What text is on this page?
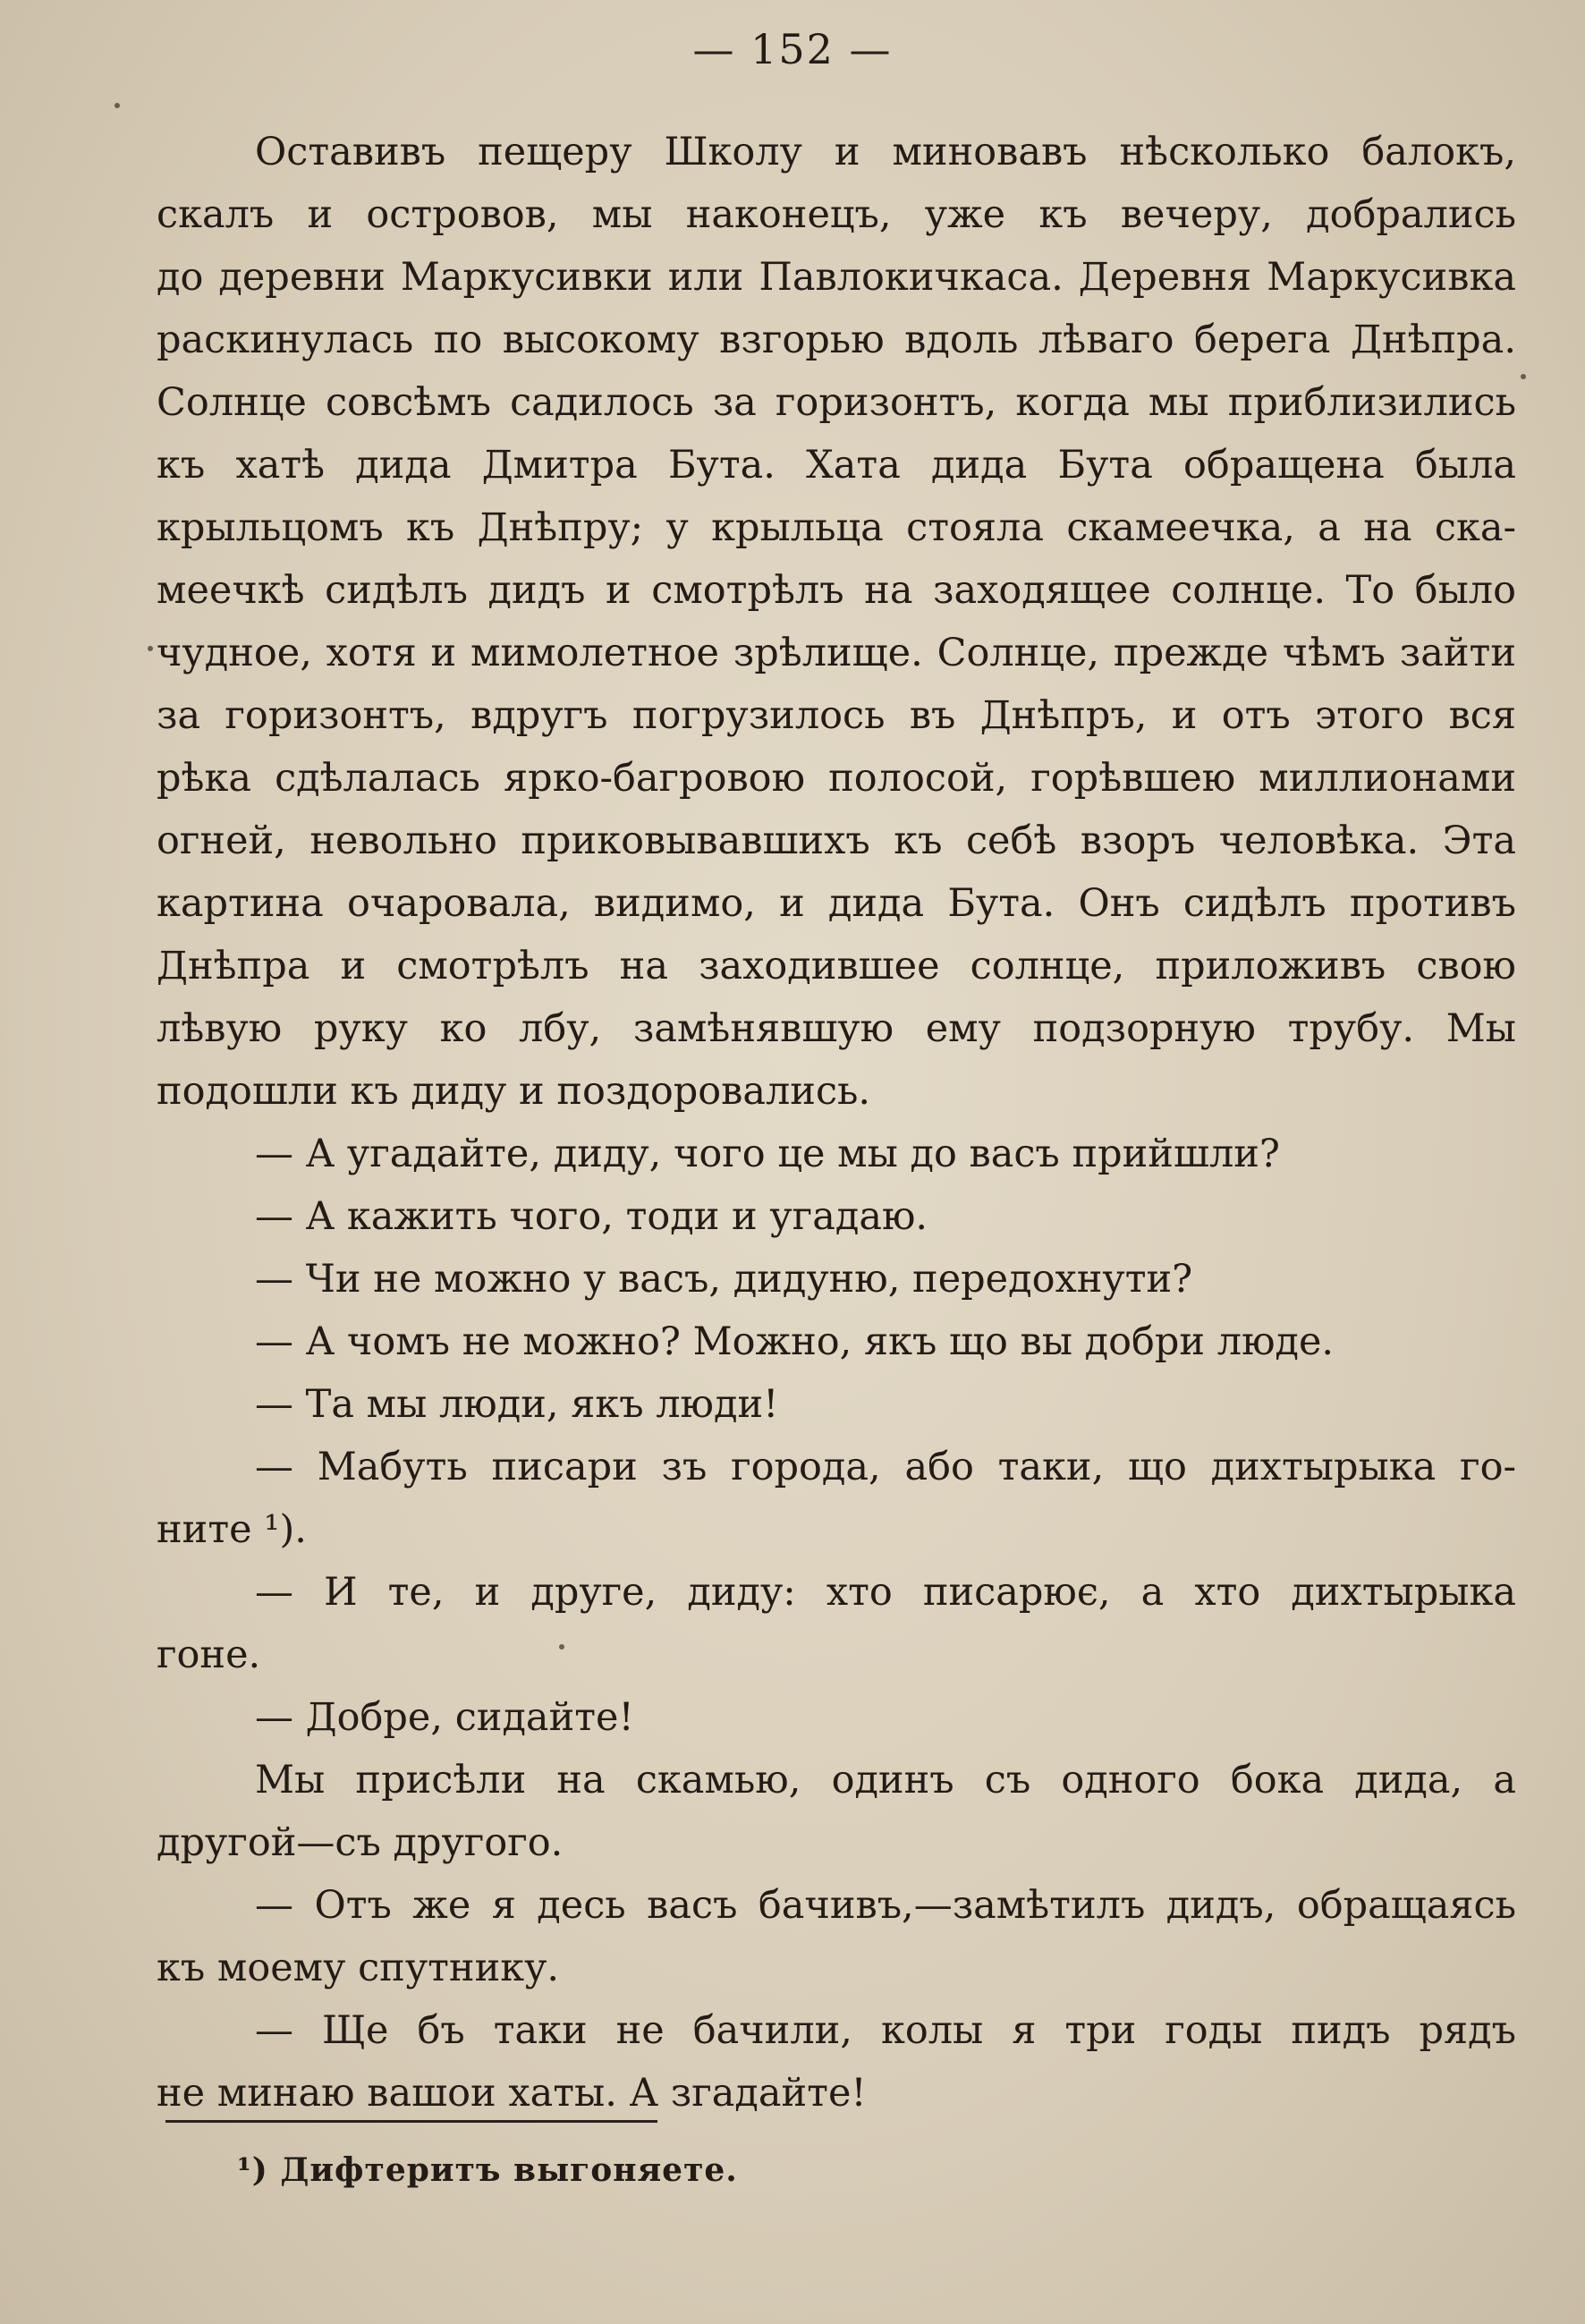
— 152 —
Оставивъ пещеру Школу и миновавъ нѣсколько балокъ,
скалъ и островов, мы наконецъ, уже къ вечеру, добрались
до деревни Маркусивки или Павлокичкаса. Деревня Маркусивка
раскинулась по высокому взгорью вдоль лѣваго берега Днѣпра.
Солнце совсѣмъ садилось за горизонтъ, когда мы приблизились
къ хатѣ дида Дмитра Бута. Хата дида Бута обращена была
крыльцомъ къ Днѣпру; у крыльца стояла скамеечка, а на ска-
меечкѣ сидѣлъ дидъ и смотрѣлъ на заходящее солнце. То было
чудное, хотя и мимолетное зрѣлище. Солнце, прежде чѣмъ зайти
за горизонтъ, вдругъ погрузилось въ Днѣпръ, и отъ этого вся
рѣка сдѣлалась ярко-багровою полосой, горѣвшею миллионами
огней, невольно приковывавшихъ къ себѣ взоръ человѣка. Эта
картина очаровала, видимо, и дида Бута. Онъ сидѣлъ противъ
Днѣпра и смотрѣлъ на заходившее солнце, приложивъ свою
лѣвую руку ко лбу, замѣнявшую ему подзорную трубу. Мы
подошли къ диду и поздоровались.
— А угадайте, диду, чого це мы до васъ прийшли?
— А кажить чого, тоди и угадаю.
— Чи не можно у васъ, дидуню, передохнути?
— А чомъ не можно? Можно, якъ що вы добри люде.
— Та мы люди, якъ люди!
— Мабуть писари зъ города, або таки, що дихтырыка го-
ните ¹).
— И те, и друге, диду: хто писарює, а хто дихтырыка
гоне.
— Добре, сидайте!
Мы присѣли на скамью, одинъ съ одного бока дида, а
другой—съ другого.
— Отъ же я десь васъ бачивъ,—замѣтилъ дидъ, обращаясь
къ моему спутнику.
— Ще бъ таки не бачили, колы я три годы пидъ рядъ
не минаю вашои хаты. А згадайте!
¹) Дифтеритъ выгоняете.
